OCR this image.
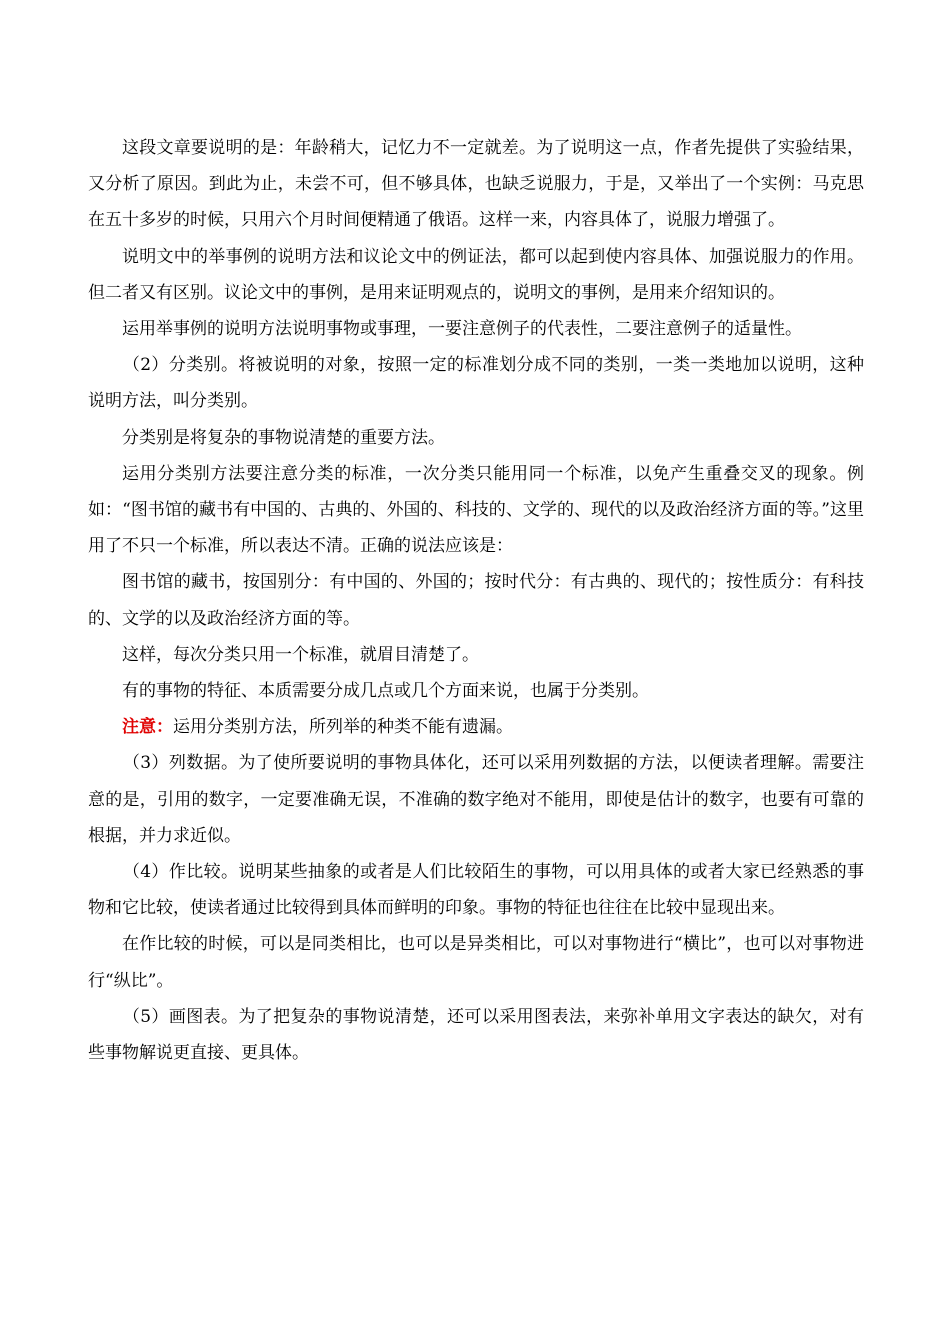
这段文章要说明的是：年龄稍大，记忆力不一定就差。为了说明这一点，作者先提供了实验结果，又分析了原因。到此为止，未尝不可，但不够具体，也缺乏说服力，于是，又举出了一个实例：马克思在五十多岁的时候，只用六个月时间便精通了俄语。这样一来，内容具体了，说服力增强了。

说明文中的举事例的说明方法和议论文中的例证法，都可以起到使内容具体、加强说服力的作用。但二者又有区别。议论文中的事例，是用来证明观点的，说明文的事例，是用来介绍知识的。

运用举事例的说明方法说明事物或事理，一要注意例子的代表性，二要注意例子的适量性。

（2）分类别。将被说明的对象，按照一定的标准划分成不同的类别，一类一类地加以说明，这种说明方法，叫分类别。

分类别是将复杂的事物说清楚的重要方法。

运用分类别方法要注意分类的标准，一次分类只能用同一个标准，以免产生重叠交叉的现象。例如：“图书馆的藏书有中国的、古典的、外国的、科技的、文学的、现代的以及政治经济方面的等。”这里用了不只一个标准，所以表达不清。正确的说法应该是：

图书馆的藏书，按国别分：有中国的、外国的；按时代分：有古典的、现代的；按性质分：有科技的、文学的以及政治经济方面的等。

这样，每次分类只用一个标准，就眉目清楚了。

有的事物的特征、本质需要分成几点或几个方面来说，也属于分类别。

注意：运用分类别方法，所列举的种类不能有遗漏。

（3）列数据。为了使所要说明的事物具体化，还可以采用列数据的方法，以便读者理解。需要注意的是，引用的数字，一定要准确无误，不准确的数字绝对不能用，即使是估计的数字，也要有可靠的根据，并力求近似。

（4）作比较。说明某些抽象的或者是人们比较陌生的事物，可以用具体的或者大家已经熟悉的事物和它比较，使读者通过比较得到具体而鲜明的印象。事物的特征也往往在比较中显现出来。

在作比较的时候，可以是同类相比，也可以是异类相比，可以对事物进行“横比”，也可以对事物进行“纵比”。

（5）画图表。为了把复杂的事物说清楚，还可以采用图表法，来弥补单用文字表达的缺欠，对有些事物解说更直接、更具体。
